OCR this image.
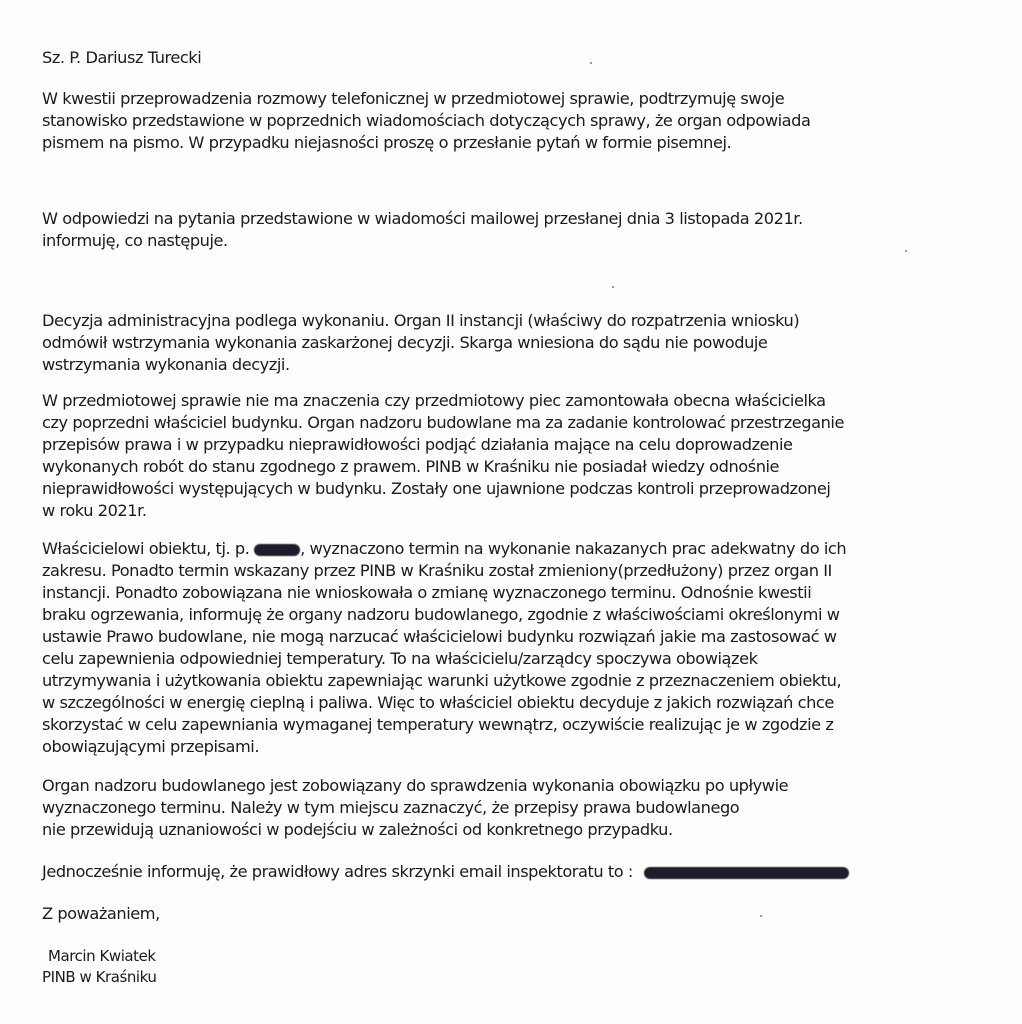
Sz. P. Dariusz Turecki

W kwestii przeprowadzenia rozmowy telefonicznej w przedmiotowej sprawie, podtrzymuję swoje

stanowisko przedstawione w poprzednich wiadomościach dotyczących sprawy, że organ odpowiada

pismem na pismo. W przypadku niejasności proszę o przesłanie pytań w formie pisemnej.

W odpowiedzi na pytania przedstawione w wiadomości mailowej przesłanej dnia 3 listopada 2021r.

informuję, co następuje.

Decyzja administracyjna podlega wykonaniu. Organ II instancji (właściwy do rozpatrzenia wniosku)

odmówił wstrzymania wykonania zaskarżonej decyzji. Skarga wniesiona do sądu nie powoduje

wstrzymania wykonania decyzji.

W przedmiotowej sprawie nie ma znaczenia czy przedmiotowy piec zamontowała obecna właścicielka

czy poprzedni właściciel budynku. Organ nadzoru budowlane ma za zadanie kontrolować przestrzeganie

przepisów prawa i w przypadku nieprawidłowości podjąć działania mające na celu doprowadzenie

wykonanych robót do stanu zgodnego z prawem. PINB w Kraśniku nie posiadał wiedzy odnośnie

nieprawidłowości występujących w budynku. Zostały one ujawnione podczas kontroli przeprowadzonej

w roku 2021r.

Właścicielowi obiektu, tj. p.	, wyznaczono termin na wykonanie nakazanych prac adekwatny do ich

zakresu. Ponadto termin wskazany przez PINB w Kraśniku został zmieniony(przedłużony) przez organ II

instancji. Ponadto zobowiązana nie wnioskowała o zmianę wyznaczonego terminu. Odnośnie kwestii

braku ogrzewania, informuję że organy nadzoru budowlanego, zgodnie z właściwościami określonymi w

ustawie Prawo budowlane, nie mogą narzucać właścicielowi budynku rozwiązań jakie ma zastosować w

celu zapewnienia odpowiedniej temperatury. To na właścicielu/zarządcy spoczywa obowiązek

utrzymywania i użytkowania obiektu zapewniając warunki użytkowe zgodnie z przeznaczeniem obiektu,

w szczególności w energię cieplną i paliwa. Więc to właściciel obiektu decyduje z jakich rozwiązań chce

skorzystać w celu zapewniania wymaganej temperatury wewnątrz, oczywiście realizując je w zgodzie z

obowiązującymi przepisami.

Organ nadzoru budowlanego jest zobowiązany do sprawdzenia wykonania obowiązku po upływie

wyznaczonego terminu. Należy w tym miejscu zaznaczyć, że przepisy prawa budowlanego

nie przewidują uznaniowości w podejściu w zależności od konkretnego przypadku.

Jednocześnie informuję, że prawidłowy adres skrzynki email inspektoratu to :

Z poważaniem,

Marcin Kwiatek

PINB w Kraśniku
